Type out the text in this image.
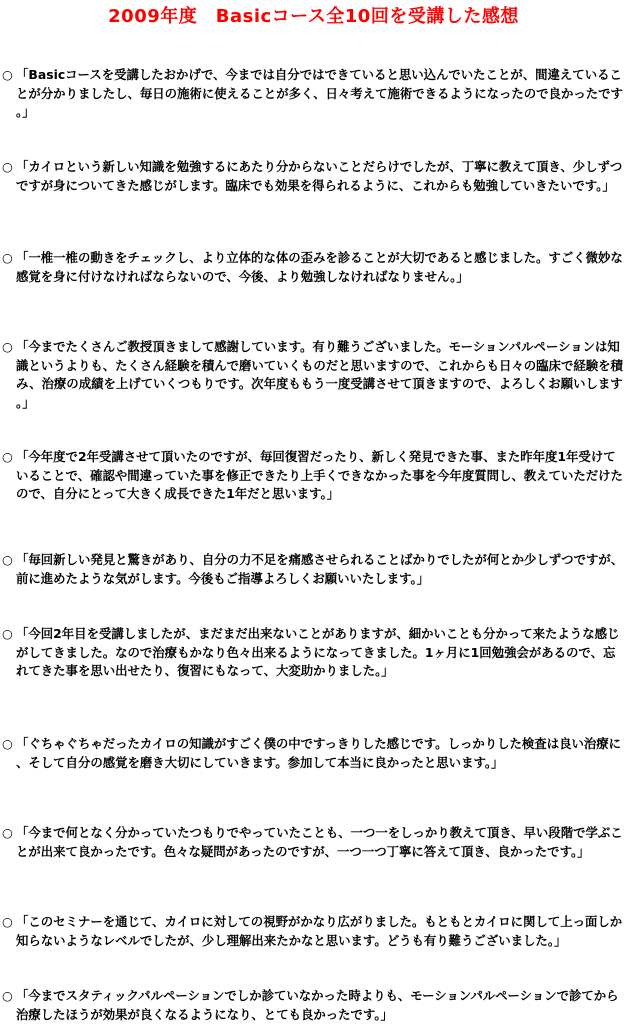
2009年度　Basicコース全10回を受講した感想
○ 「Basicコースを受講したおかげで、今までは自分ではできていると思い込んでいたことが、間違えていることが分かりましたし、毎日の施術に使えることが多く、日々考えて施術できるようになったので良かったです。」

○ 「カイロという新しい知識を勉強するにあたり分からないことだらけでしたが、丁寧に教えて頂き、少しずつですが身についてきた感じがします。臨床でも効果を得られるように、これからも勉強していきたいです。」

○ 「一椎一椎の動きをチェックし、より立体的な体の歪みを診ることが大切であると感じました。すごく微妙な感覚を身に付けなければならないので、今後、より勉強しなければなりません。」

○ 「今までたくさんご教授頂きまして感謝しています。有り難うございました。モーションパルペーションは知識というよりも、たくさん経験を積んで磨いていくものだと思いますので、これからも日々の臨床で経験を積み、治療の成績を上げていくつもりです。次年度ももう一度受講させて頂きますので、よろしくお願いします。」

○ 「今年度で2年受講させて頂いたのですが、毎回復習だったり、新しく発見できた事、また昨年度1年受けていることで、確認や間違っていた事を修正できたり上手くできなかった事を今年度質問し、教えていただけたので、自分にとって大きく成長できた1年だと思います。」

○ 「毎回新しい発見と驚きがあり、自分の力不足を痛感させられることばかりでしたが何とか少しずつですが、前に進めたような気がします。今後もご指導よろしくお願いいたします。」

○ 「今回2年目を受講しましたが、まだまだ出来ないことがありますが、細かいことも分かって来たような感じがしてきました。なので治療もかなり色々出来るようになってきました。1ヶ月に1回勉強会があるので、忘れてきた事を思い出せたり、復習にもなって、大変助かりました。」

○ 「ぐちゃぐちゃだったカイロの知識がすごく僕の中ですっきりした感じです。しっかりした検査は良い治療に、そして自分の感覚を磨き大切にしていきます。参加して本当に良かったと思います。」

○ 「今まで何となく分かっていたつもりでやっていたことも、一つ一をしっかり教えて頂き、早い段階で学ぶことが出来て良かったです。色々な疑問があったのですが、一つ一つ丁寧に答えて頂き、良かったです。」

○ 「このセミナーを通じて、カイロに対しての視野がかなり広がりました。もともとカイロに関して上っ面しか知らないようなレベルでしたが、少し理解出来たかなと思います。どうも有り難うございました。」

○ 「今までスタティックパルペーションでしか診ていなかった時よりも、モーションパルペーションで診てから治療したほうが効果が良くなるようになり、とても良かったです。」
